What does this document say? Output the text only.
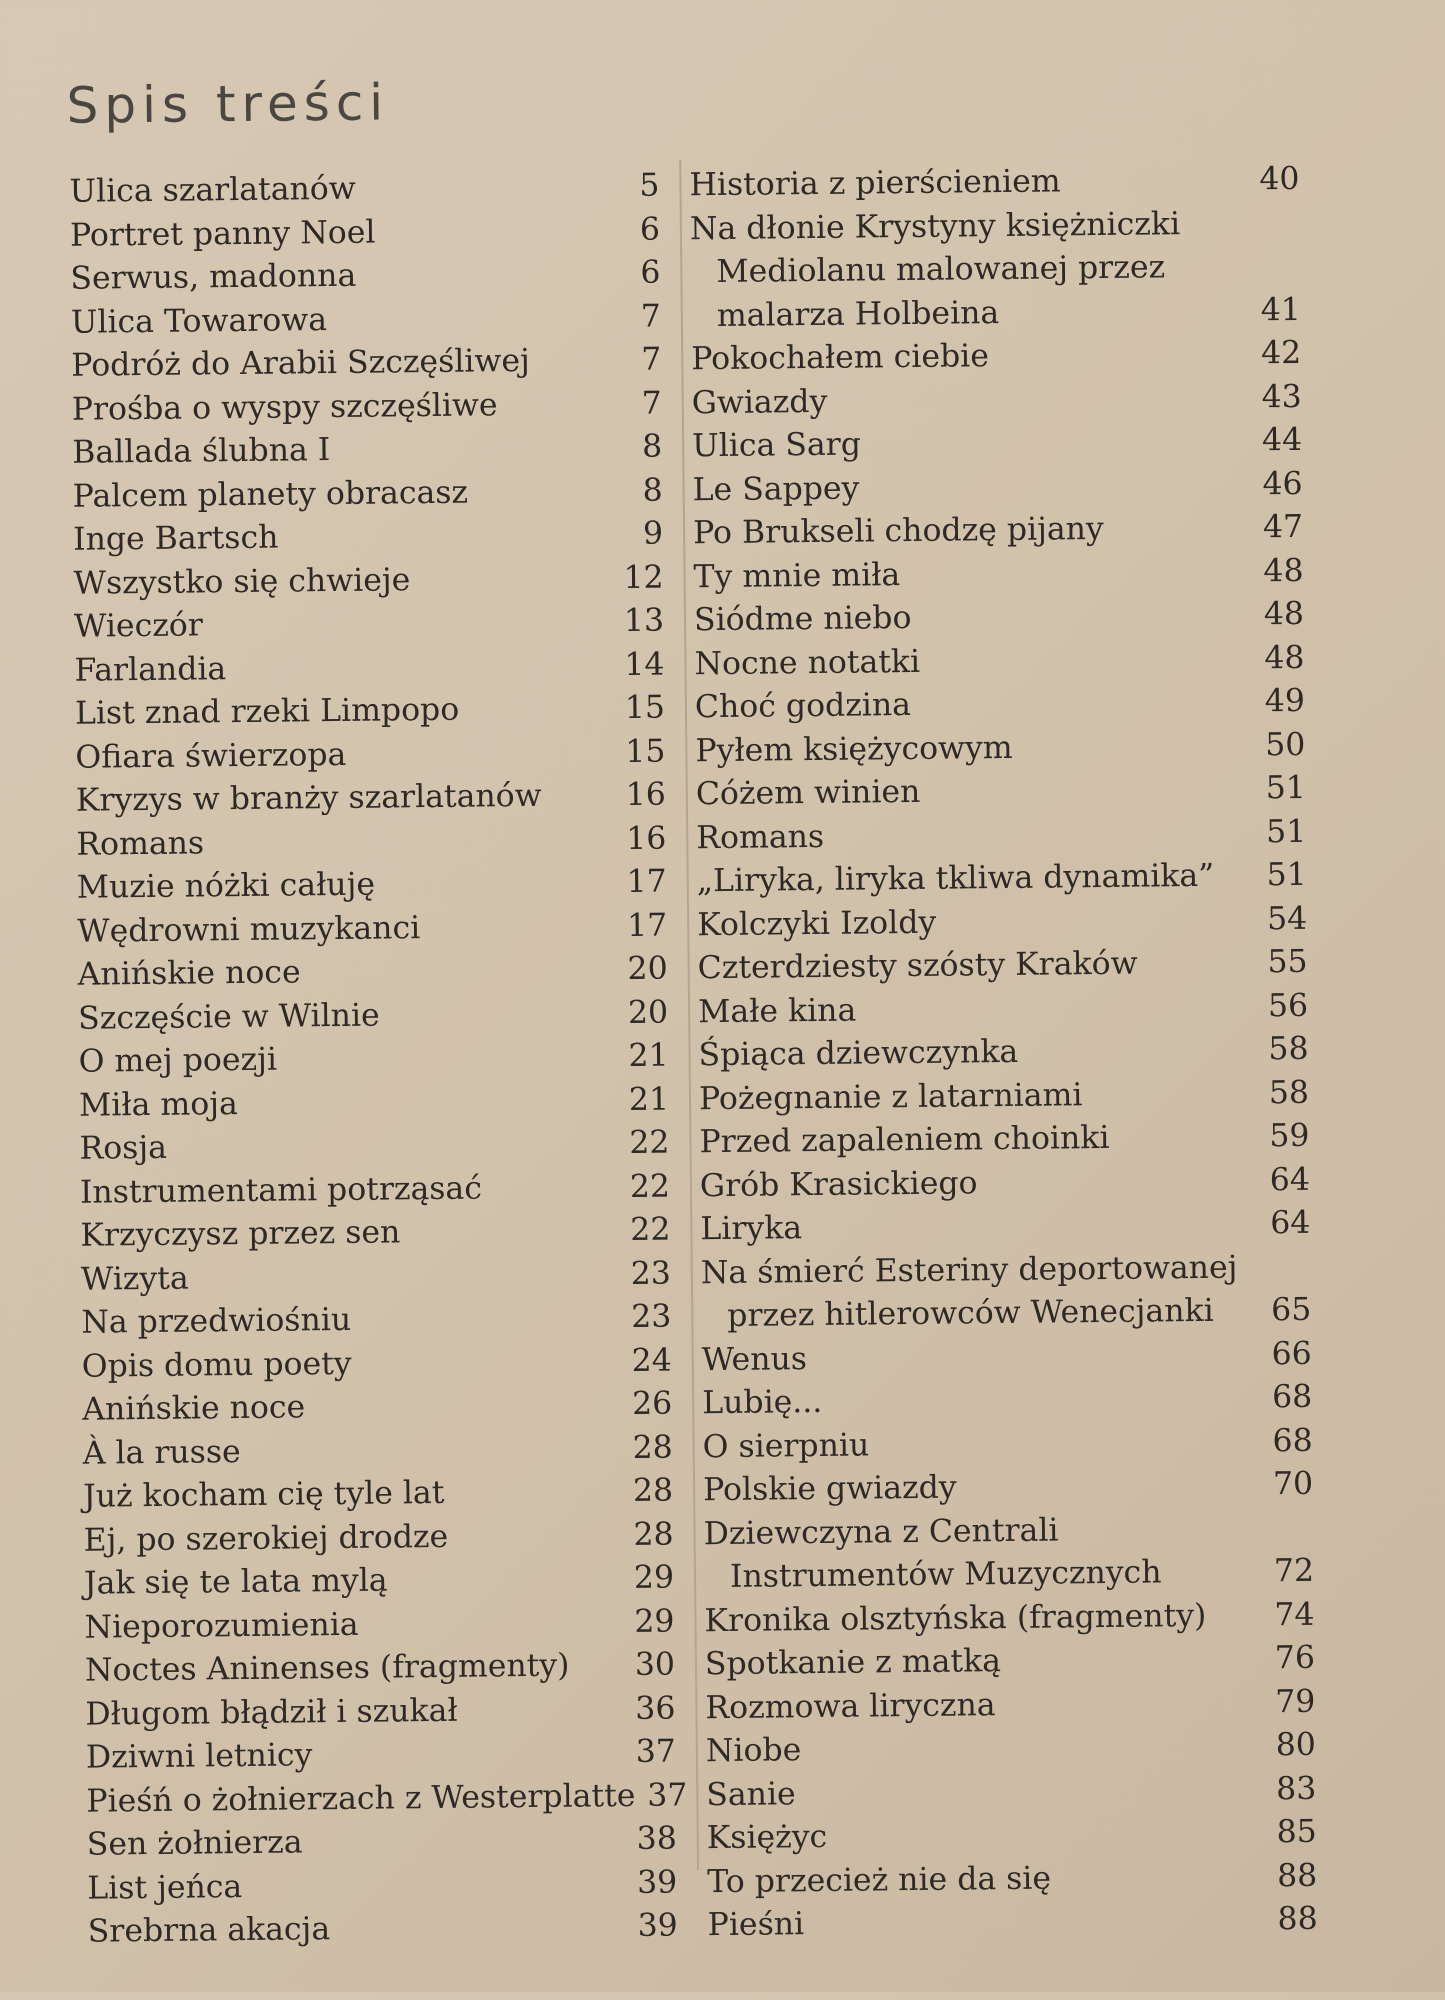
Spis treści
Ulica szarlatanów	5
Portret panny Noel	6
Serwus, madonna	6
Ulica Towarowa	7
Podróż do Arabii Szczęśliwej	7
Prośba o wyspy szczęśliwe	7
Ballada ślubna I	8
Palcem planety obracasz	8
Inge Bartsch	9
Wszystko się chwieje	12
Wieczór	13
Farlandia	14
List znad rzeki Limpopo	15
Ofiara świerzopa	15
Kryzys w branży szarlatanów	16
Romans	16
Muzie nóżki całuję	17
Wędrowni muzykanci	17
Anińskie noce	20
Szczęście w Wilnie	20
O mej poezji	21
Miła moja	21
Rosja	22
Instrumentami potrząsać	22
Krzyczysz przez sen	22
Wizyta	23
Na przedwiośniu	23
Opis domu poety	24
Anińskie noce	26
À la russe	28
Już kocham cię tyle lat	28
Ej, po szerokiej drodze	28
Jak się te lata mylą	29
Nieporozumienia	29
Noctes Aninenses (fragmenty)	30
Długom błądził i szukał	36
Dziwni letnicy	37
Pieśń o żołnierzach z Westerplatte 37
Sen żołnierza	38
List jeńca	39
Srebrna akacja	39
Historia z pierścieniem	40
Na dłonie Krystyny księżniczki
Mediolanu malowanej przez
malarza Holbeina	41
Pokochałem ciebie	42
Gwiazdy	43
Ulica Sarg	44
Le Sappey	46
Po Brukseli chodzę pijany	47
Ty mnie miła	48
Siódme niebo	48
Nocne notatki	48
Choć godzina	49
Pyłem księżycowym	50
Cóżem winien	51
Romans	51
„Liryka, liryka tkliwa dynamika”	51
Kolczyki Izoldy	54
Czterdziesty szósty Kraków	55
Małe kina	56
Śpiąca dziewczynka	58
Pożegnanie z latarniami	58
Przed zapaleniem choinki	59
Grób Krasickiego	64
Liryka	64
Na śmierć Esteriny deportowanej
przez hitlerowców Wenecjanki	65
Wenus	66
Lubię...	68
O sierpniu	68
Polskie gwiazdy	70
Dziewczyna z Centrali
Instrumentów Muzycznych	72
Kronika olsztyńska (fragmenty)	74
Spotkanie z matką	76
Rozmowa liryczna	79
Niobe	80
Sanie	83
Księżyc	85
To przecież nie da się	88
Pieśni	88
